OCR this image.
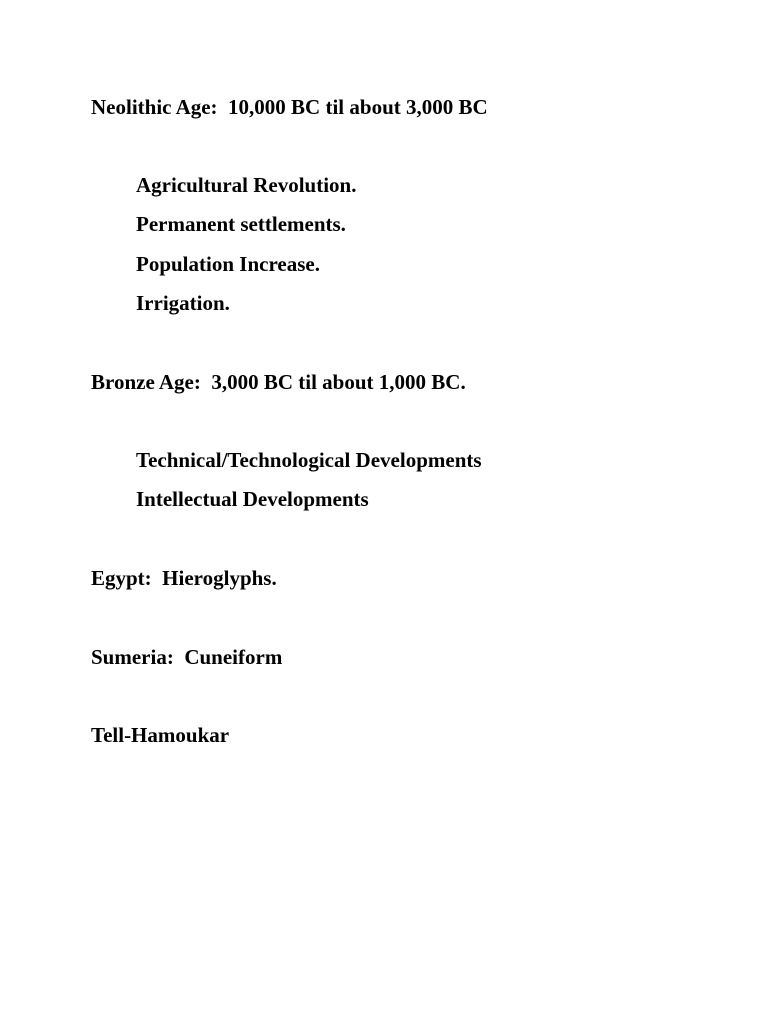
Neolithic Age:  10,000 BC til about 3,000 BC
Agricultural Revolution.
Permanent settlements.
Population Increase.
Irrigation.
Bronze Age:  3,000 BC til about 1,000 BC.
Technical/Technological Developments
Intellectual Developments
Egypt:  Hieroglyphs.
Sumeria:  Cuneiform
Tell-Hamoukar
